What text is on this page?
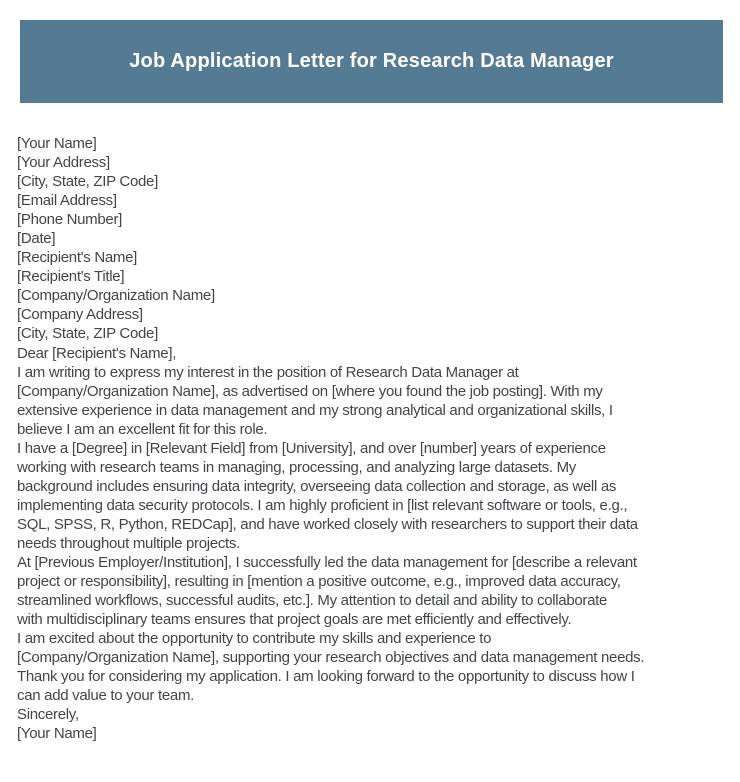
Job Application Letter for Research Data Manager
[Your Name]
[Your Address]
[City, State, ZIP Code]
[Email Address]
[Phone Number]
[Date]
[Recipient's Name]
[Recipient's Title]
[Company/Organization Name]
[Company Address]
[City, State, ZIP Code]
Dear [Recipient's Name],
I am writing to express my interest in the position of Research Data Manager at
[Company/Organization Name], as advertised on [where you found the job posting]. With my
extensive experience in data management and my strong analytical and organizational skills, I
believe I am an excellent fit for this role.
I have a [Degree] in [Relevant Field] from [University], and over [number] years of experience
working with research teams in managing, processing, and analyzing large datasets. My
background includes ensuring data integrity, overseeing data collection and storage, as well as
implementing data security protocols. I am highly proficient in [list relevant software or tools, e.g.,
SQL, SPSS, R, Python, REDCap], and have worked closely with researchers to support their data
needs throughout multiple projects.
At [Previous Employer/Institution], I successfully led the data management for [describe a relevant
project or responsibility], resulting in [mention a positive outcome, e.g., improved data accuracy,
streamlined workflows, successful audits, etc.]. My attention to detail and ability to collaborate
with multidisciplinary teams ensures that project goals are met efficiently and effectively.
I am excited about the opportunity to contribute my skills and experience to
[Company/Organization Name], supporting your research objectives and data management needs.
Thank you for considering my application. I am looking forward to the opportunity to discuss how I
can add value to your team.
Sincerely,
[Your Name]
